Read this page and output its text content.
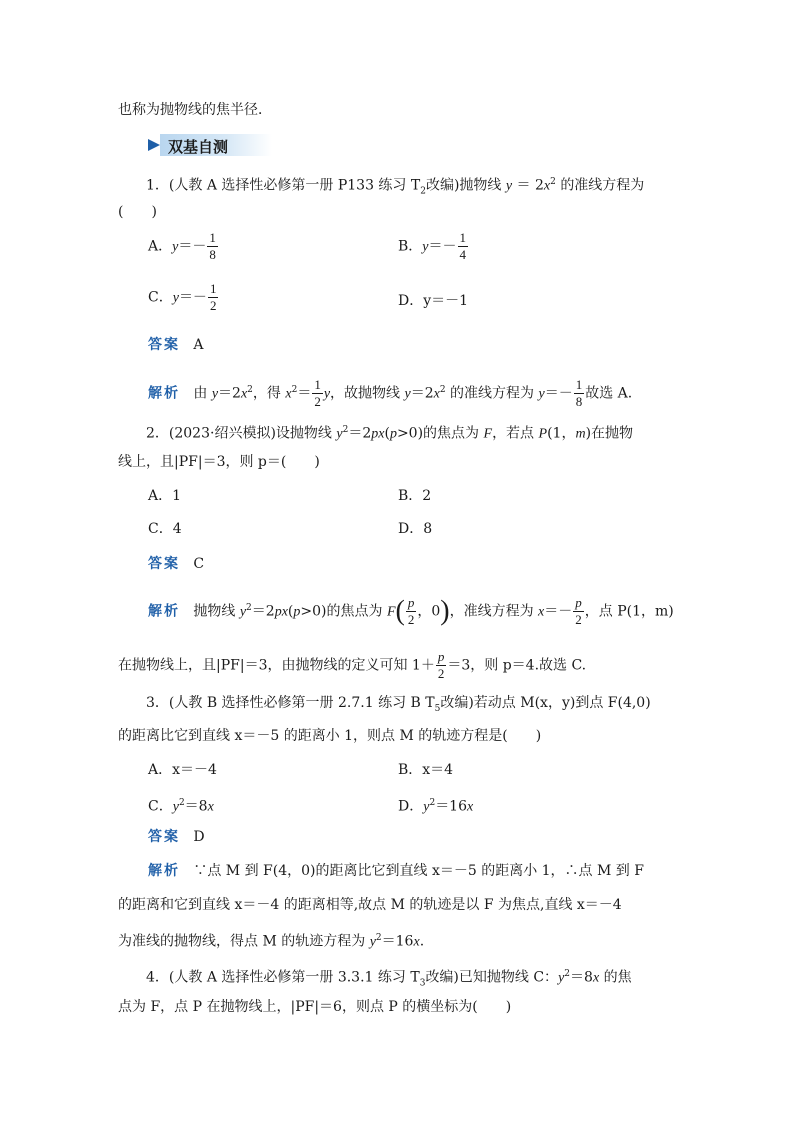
也称为抛物线的焦半径．
双基自测
1．(人教 A 选择性必修第一册 P133 练习 $T_2$改编)抛物线 $y = 2x^2$ 的准线方程为
(　　)
A．$y=- \frac{1}{8}$	B．$y=- \frac{1}{4}$
C．$y=- \frac{1}{2}$	D．y＝－1
答案 A
解析 由 $y=2x^2$，得 $x^2= \frac{1}{2}$ y，故抛物线 $y=2x^2$ 的准线方程为 $y=- \frac{1}{8}$ 故选 A.
2．(2023·绍兴模拟)设抛物线 $y^2=2px(p>0)$的焦点为 F，若点 P(1，m)在抛物
线上，且|PF|＝3，则 p＝(　　)
A．1	B．2
C．4	D．8
答案 C
解析 抛物线 $y^2=2px(p>0)$的焦点为 $F( \frac{p}{2}$ ，0)，准线方程为 $x=- \frac{p}{2}$ ，点 P(1，m)
在抛物线上，且|PF|＝3，由抛物线的定义可知 $1+ \frac{p}{2} =3$，则 p＝4.故选 C.
3．(人教 B 选择性必修第一册 2.7.1 练习 B $T_5$改编)若动点 M(x，y)到点 F(4,0)
的距离比它到直线 x＝－5 的距离小 1，则点 M 的轨迹方程是(　　)
A．x＝－4	B．x＝4
C．$y^2=8x$	D．$y^2=16x$
答案 D
解析 ∵点 M 到 F(4，0)的距离比它到直线 x＝－5 的距离小 1，∴点 M 到 F
的距离和它到直线 x＝－4 的距离相等,故点 M 的轨迹是以 F 为焦点,直线 x＝－4
为准线的抛物线，得点 M 的轨迹方程为 $y^2=16x$.
4．(人教 A 选择性必修第一册 3.3.1 练习 $T_3$改编)已知抛物线 C：$y^2=8x$ 的焦
点为 F，点 P 在抛物线上，|PF|＝6，则点 P 的横坐标为(　　)
